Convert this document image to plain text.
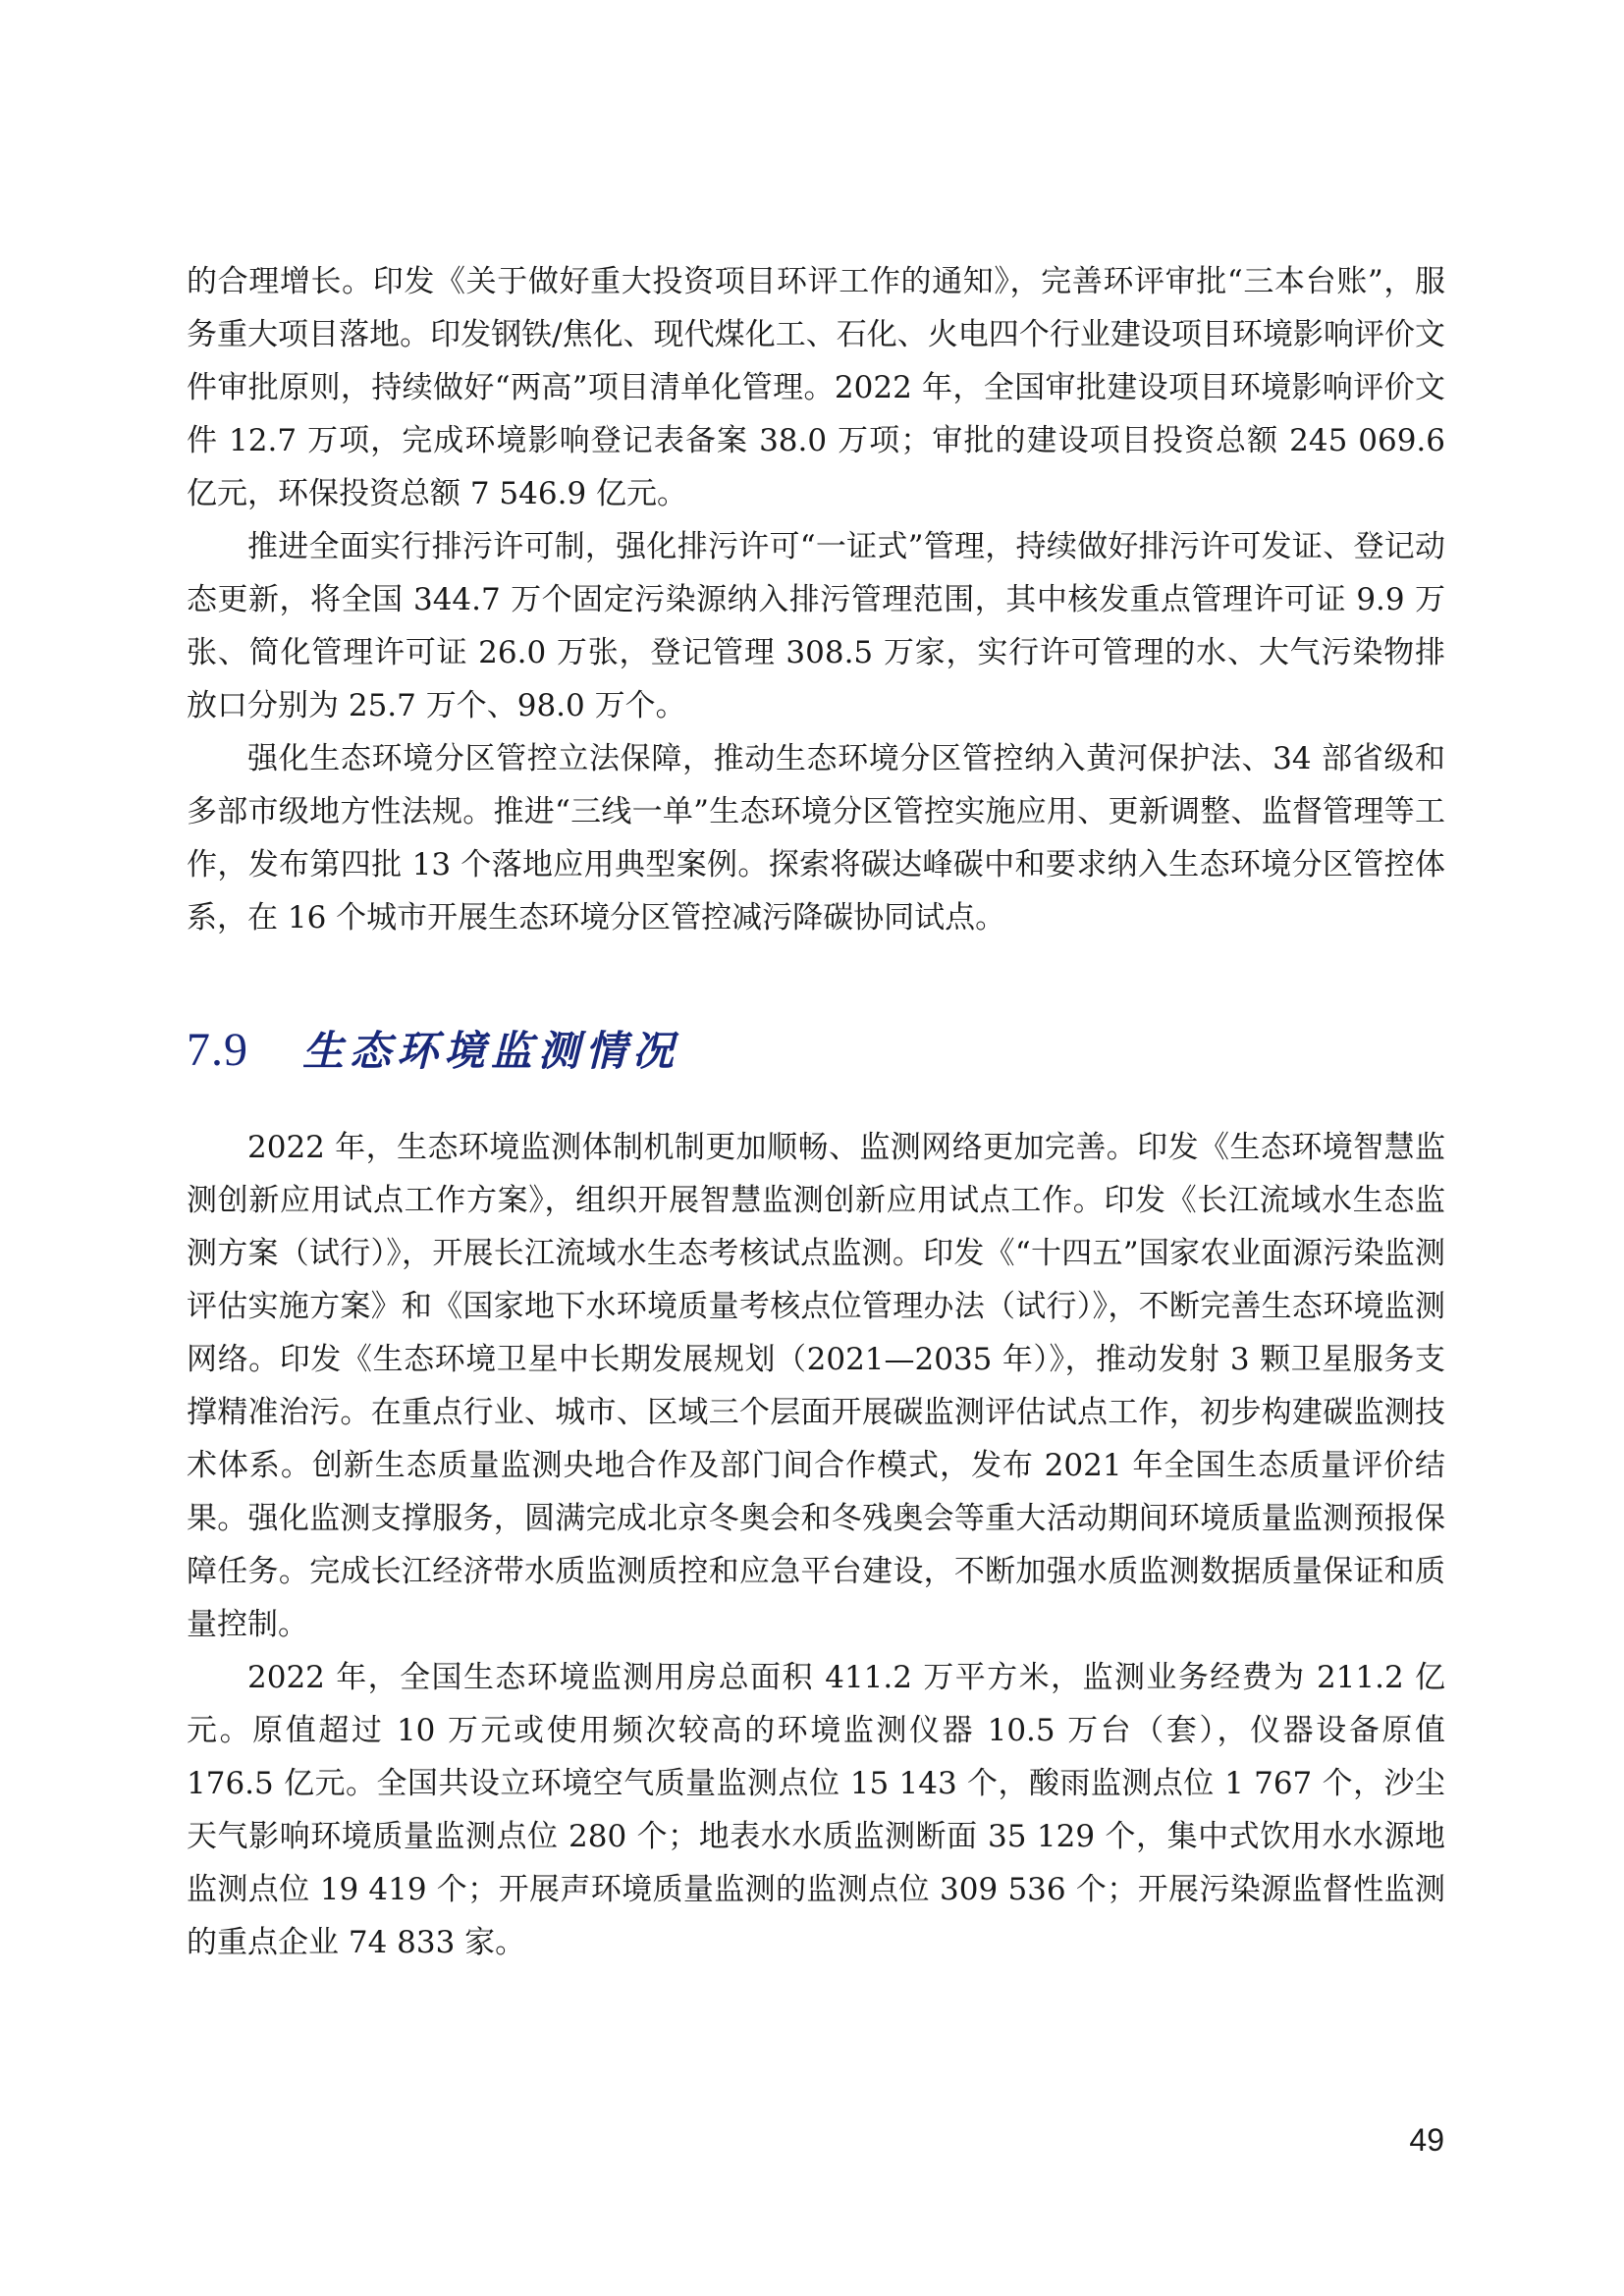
的合理增长。印发《关于做好重大投资项目环评工作的通知》，完善环评审批“三本台账”，服务重大项目落地。印发钢铁/焦化、现代煤化工、石化、火电四个行业建设项目环境影响评价文件审批原则，持续做好“两高”项目清单化管理。2022 年，全国审批建设项目环境影响评价文件 12.7 万项，完成环境影响登记表备案 38.0 万项；审批的建设项目投资总额 245 069.6 亿元，环保投资总额 7 546.9 亿元。

推进全面实行排污许可制，强化排污许可“一证式”管理，持续做好排污许可发证、登记动态更新，将全国 344.7 万个固定污染源纳入排污管理范围，其中核发重点管理许可证 9.9 万张、简化管理许可证 26.0 万张，登记管理 308.5 万家，实行许可管理的水、大气污染物排放口分别为 25.7 万个、98.0 万个。

强化生态环境分区管控立法保障，推动生态环境分区管控纳入黄河保护法、34 部省级和多部市级地方性法规。推进“三线一单”生态环境分区管控实施应用、更新调整、监督管理等工作，发布第四批 13 个落地应用典型案例。探索将碳达峰碳中和要求纳入生态环境分区管控体系，在 16 个城市开展生态环境分区管控减污降碳协同试点。

7.9	生态环境监测情况

2022 年，生态环境监测体制机制更加顺畅、监测网络更加完善。印发《生态环境智慧监测创新应用试点工作方案》，组织开展智慧监测创新应用试点工作。印发《长江流域水生态监测方案（试行）》，开展长江流域水生态考核试点监测。印发《“十四五”国家农业面源污染监测评估实施方案》和《国家地下水环境质量考核点位管理办法（试行）》，不断完善生态环境监测网络。印发《生态环境卫星中长期发展规划（2021—2035 年）》，推动发射 3 颗卫星服务支撑精准治污。在重点行业、城市、区域三个层面开展碳监测评估试点工作，初步构建碳监测技术体系。创新生态质量监测央地合作及部门间合作模式，发布 2021 年全国生态质量评价结果。强化监测支撑服务，圆满完成北京冬奥会和冬残奥会等重大活动期间环境质量监测预报保障任务。完成长江经济带水质监测质控和应急平台建设，不断加强水质监测数据质量保证和质量控制。

2022 年，全国生态环境监测用房总面积 411.2 万平方米，监测业务经费为 211.2 亿元。原值超过 10 万元或使用频次较高的环境监测仪器 10.5 万台（套），仪器设备原值 176.5 亿元。全国共设立环境空气质量监测点位 15 143 个，酸雨监测点位 1 767 个，沙尘天气影响环境质量监测点位 280 个；地表水水质监测断面 35 129 个，集中式饮用水水源地监测点位 19 419 个；开展声环境质量监测的监测点位 309 536 个；开展污染源监督性监测的重点企业 74 833 家。

49
